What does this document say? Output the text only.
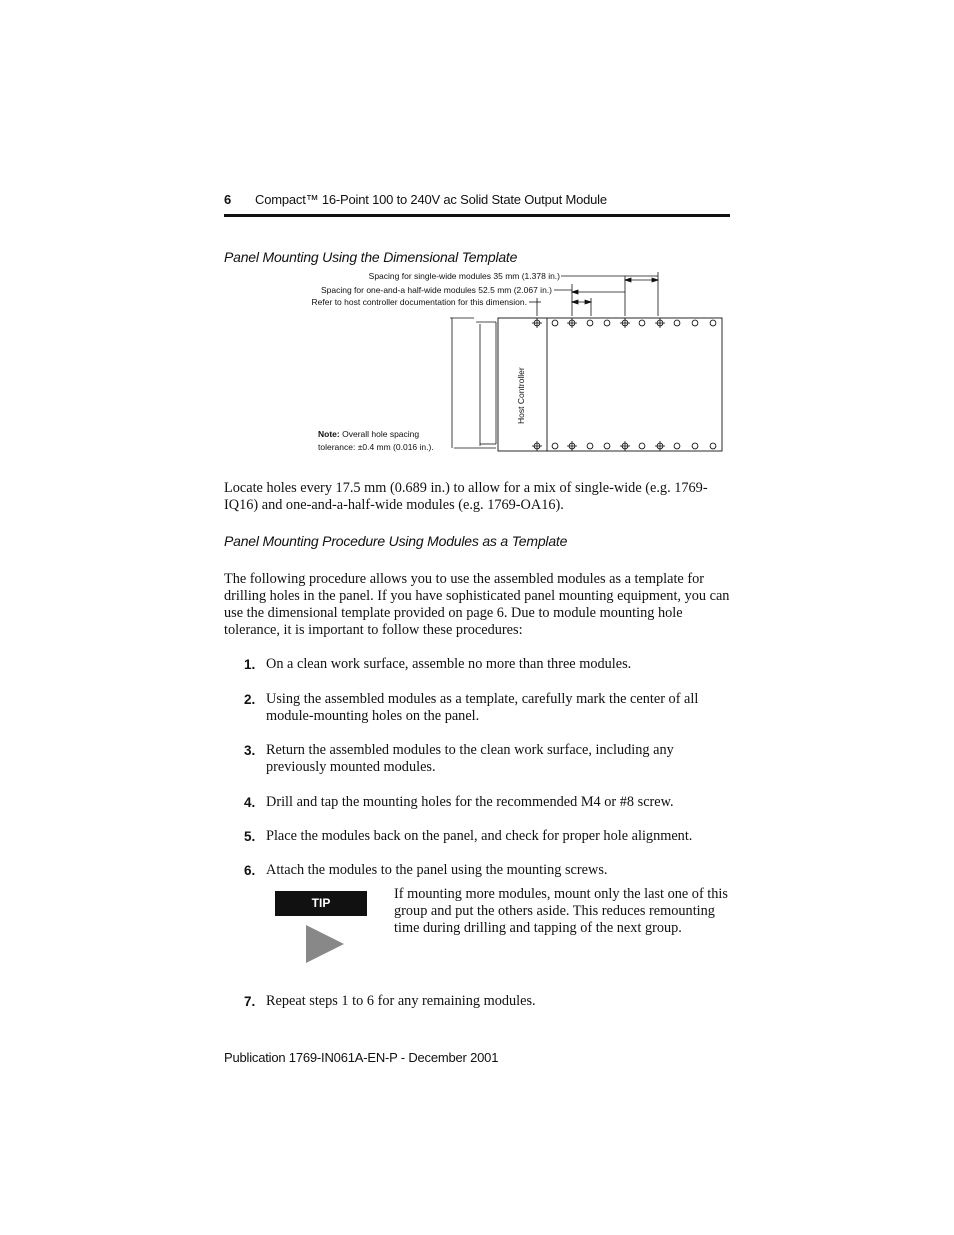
6 Compact™ 16-Point 100 to 240V ac Solid State Output Module
Panel Mounting Using the Dimensional Template
Spacing for single-wide modules 35 mm (1.378 in.)
Spacing for one-and-a half-wide modules 52.5 mm (2.067 in.)
Refer to host controller documentation for this dimension.
Host Controller
Note: Overall hole spacing
tolerance: ±0.4 mm (0.016 in.).
Locate holes every 17.5 mm (0.689 in.) to allow for a mix of single-wide (e.g. 1769-IQ16) and one-and-a-half-wide modules (e.g. 1769-OA16).
Panel Mounting Procedure Using Modules as a Template
The following procedure allows you to use the assembled modules as a template for drilling holes in the panel. If you have sophisticated panel mounting equipment, you can use the dimensional template provided on page 6. Due to module mounting hole tolerance, it is important to follow these procedures:
1. On a clean work surface, assemble no more than three modules.
2. Using the assembled modules as a template, carefully mark the center of all module-mounting holes on the panel.
3. Return the assembled modules to the clean work surface, including any previously mounted modules.
4. Drill and tap the mounting holes for the recommended M4 or #8 screw.
5. Place the modules back on the panel, and check for proper hole alignment.
6. Attach the modules to the panel using the mounting screws.
TIP
If mounting more modules, mount only the last one of this group and put the others aside. This reduces remounting time during drilling and tapping of the next group.
7. Repeat steps 1 to 6 for any remaining modules.
Publication 1769-IN061A-EN-P - December 2001
